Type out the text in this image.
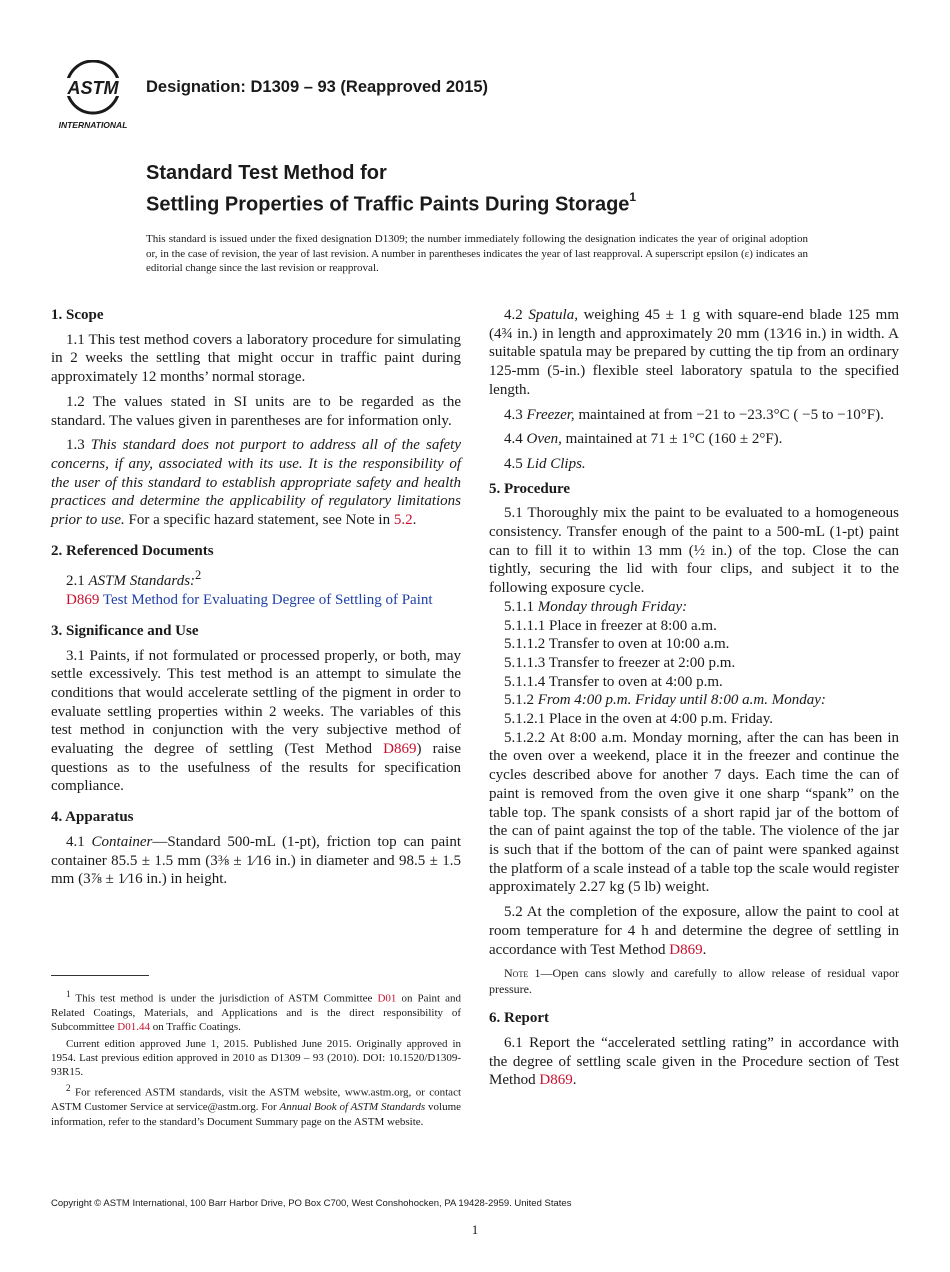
ASTM
INTERNATIONAL

Designation: D1309 – 93 (Reapproved 2015)

Standard Test Method for
Settling Properties of Traffic Paints During Storage$^1$

This standard is issued under the fixed designation D1309; the number immediately following the designation indicates the year of original adoption or, in the case of revision, the year of last revision. A number in parentheses indicates the year of last reapproval. A superscript epsilon (ε) indicates an editorial change since the last revision or reapproval.

1. Scope

1.1 This test method covers a laboratory procedure for simulating in 2 weeks the settling that might occur in traffic paint during approximately 12 months’ normal storage.

1.2 The values stated in SI units are to be regarded as the standard. The values given in parentheses are for information only.

1.3 This standard does not purport to address all of the safety concerns, if any, associated with its use. It is the responsibility of the user of this standard to establish appropriate safety and health practices and determine the applicability of regulatory limitations prior to use. For a specific hazard statement, see Note in 5.2.

2. Referenced Documents

2.1 ASTM Standards:$^2$

D869 Test Method for Evaluating Degree of Settling of Paint

3. Significance and Use

3.1 Paints, if not formulated or processed properly, or both, may settle excessively. This test method is an attempt to simulate the conditions that would accelerate settling of the pigment in order to evaluate settling properties within 2 weeks. The variables of this test method in conjunction with the very subjective method of evaluating the degree of settling (Test Method D869) raise questions as to the usefulness of the results for specification compliance.

4. Apparatus

4.1 Container—Standard 500-mL (1-pt), friction top can paint container 85.5 ± 1.5 mm (3⅜ ± 1⁄16 in.) in diameter and 98.5 ± 1.5 mm (3⅞ ± 1⁄16 in.) in height.

$^1$ This test method is under the jurisdiction of ASTM Committee D01 on Paint and Related Coatings, Materials, and Applications and is the direct responsibility of Subcommittee D01.44 on Traffic Coatings.

Current edition approved June 1, 2015. Published June 2015. Originally approved in 1954. Last previous edition approved in 2010 as D1309 – 93 (2010). DOI: 10.1520/D1309-93R15.

$^2$ For referenced ASTM standards, visit the ASTM website, www.astm.org, or contact ASTM Customer Service at service@astm.org. For Annual Book of ASTM Standards volume information, refer to the standard’s Document Summary page on the ASTM website.

4.2 Spatula, weighing 45 ± 1 g with square-end blade 125 mm (4¾ in.) in length and approximately 20 mm (13⁄16 in.) in width. A suitable spatula may be prepared by cutting the tip from an ordinary 125-mm (5-in.) flexible steel laboratory spatula to the specified length.

4.3 Freezer, maintained at from −21 to −23.3°C ( −5 to −10°F).

4.4 Oven, maintained at 71 ± 1°C (160 ± 2°F).

4.5 Lid Clips.

5. Procedure

5.1 Thoroughly mix the paint to be evaluated to a homogeneous consistency. Transfer enough of the paint to a 500-mL (1-pt) paint can to fill it to within 13 mm (½ in.) of the top. Close the can tightly, securing the lid with four clips, and subject it to the following exposure cycle.

5.1.1 Monday through Friday:

5.1.1.1 Place in freezer at 8:00 a.m.

5.1.1.2 Transfer to oven at 10:00 a.m.

5.1.1.3 Transfer to freezer at 2:00 p.m.

5.1.1.4 Transfer to oven at 4:00 p.m.

5.1.2 From 4:00 p.m. Friday until 8:00 a.m. Monday:

5.1.2.1 Place in the oven at 4:00 p.m. Friday.

5.1.2.2 At 8:00 a.m. Monday morning, after the can has been in the oven over a weekend, place it in the freezer and continue the cycles described above for another 7 days. Each time the can of paint is removed from the oven give it one sharp “spank” on the table top. The spank consists of a short rapid jar of the bottom of the can of paint against the top of the table. The violence of the jar is such that if the bottom of the can of paint were spanked against the platform of a scale instead of a table top the scale would register approximately 2.27 kg (5 lb) weight.

5.2 At the completion of the exposure, allow the paint to cool at room temperature for 4 h and determine the degree of settling in accordance with Test Method D869.

Note 1—Open cans slowly and carefully to allow release of residual vapor pressure.

6. Report

6.1 Report the “accelerated settling rating” in accordance with the degree of settling scale given in the Procedure section of Test Method D869.

Copyright © ASTM International, 100 Barr Harbor Drive, PO Box C700, West Conshohocken, PA 19428-2959. United States

1
